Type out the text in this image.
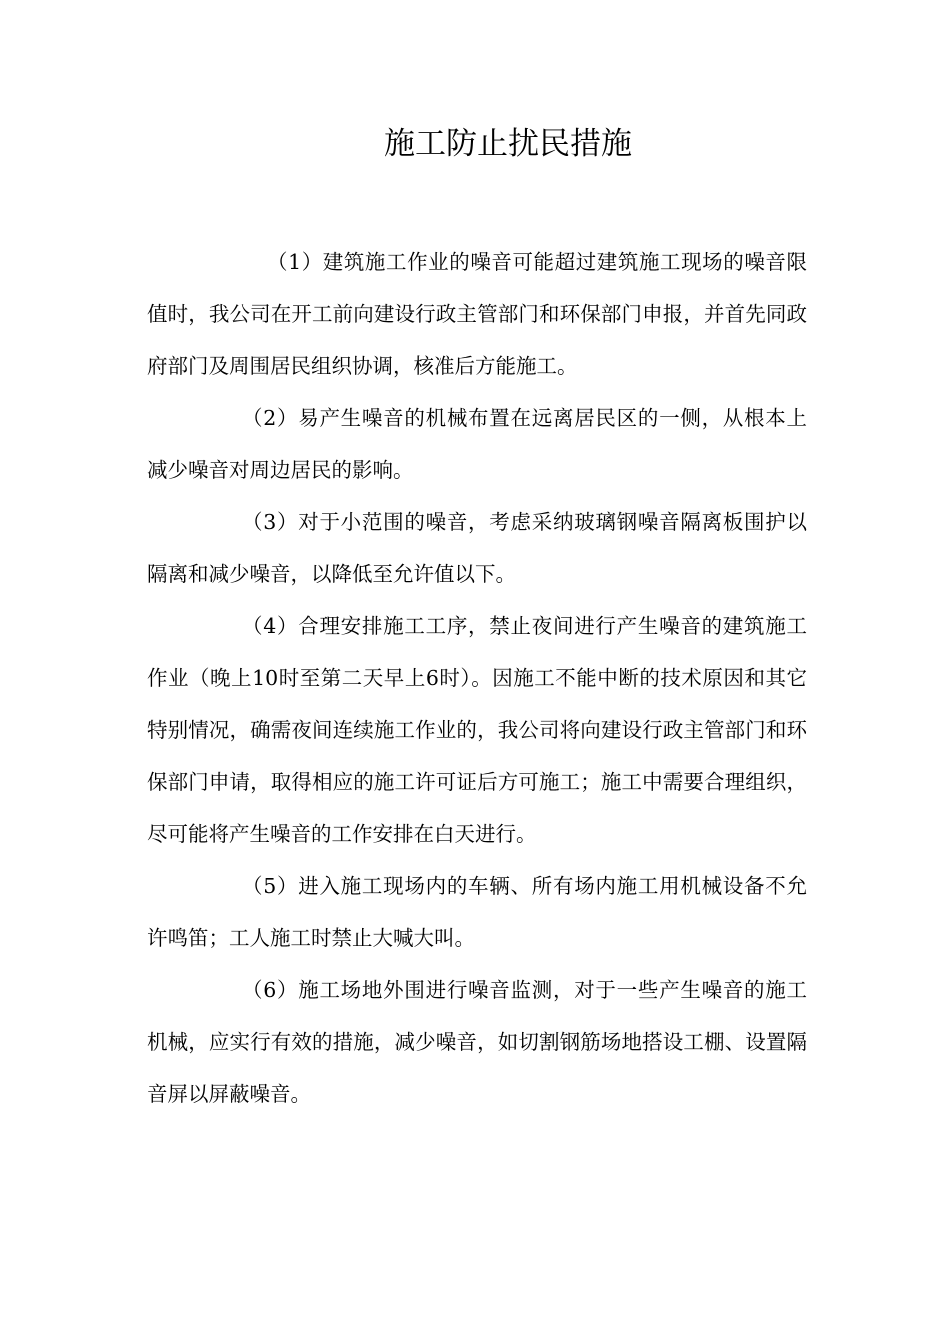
施工防止扰民措施

（1）建筑施工作业的噪音可能超过建筑施工现场的噪音限值时，我公司在开工前向建设行政主管部门和环保部门申报，并首先同政府部门及周围居民组织协调，核准后方能施工。

（2）易产生噪音的机械布置在远离居民区的一侧，从根本上减少噪音对周边居民的影响。

（3）对于小范围的噪音，考虑采纳玻璃钢噪音隔离板围护以隔离和减少噪音，以降低至允许值以下。

（4）合理安排施工工序，禁止夜间进行产生噪音的建筑施工作业（晚上10时至第二天早上6时）。因施工不能中断的技术原因和其它特别情况，确需夜间连续施工作业的，我公司将向建设行政主管部门和环保部门申请，取得相应的施工许可证后方可施工；施工中需要合理组织，尽可能将产生噪音的工作安排在白天进行。

（5）进入施工现场内的车辆、所有场内施工用机械设备不允许鸣笛；工人施工时禁止大喊大叫。

（6）施工场地外围进行噪音监测，对于一些产生噪音的施工机械，应实行有效的措施，减少噪音，如切割钢筋场地搭设工棚、设置隔音屏以屏蔽噪音。
